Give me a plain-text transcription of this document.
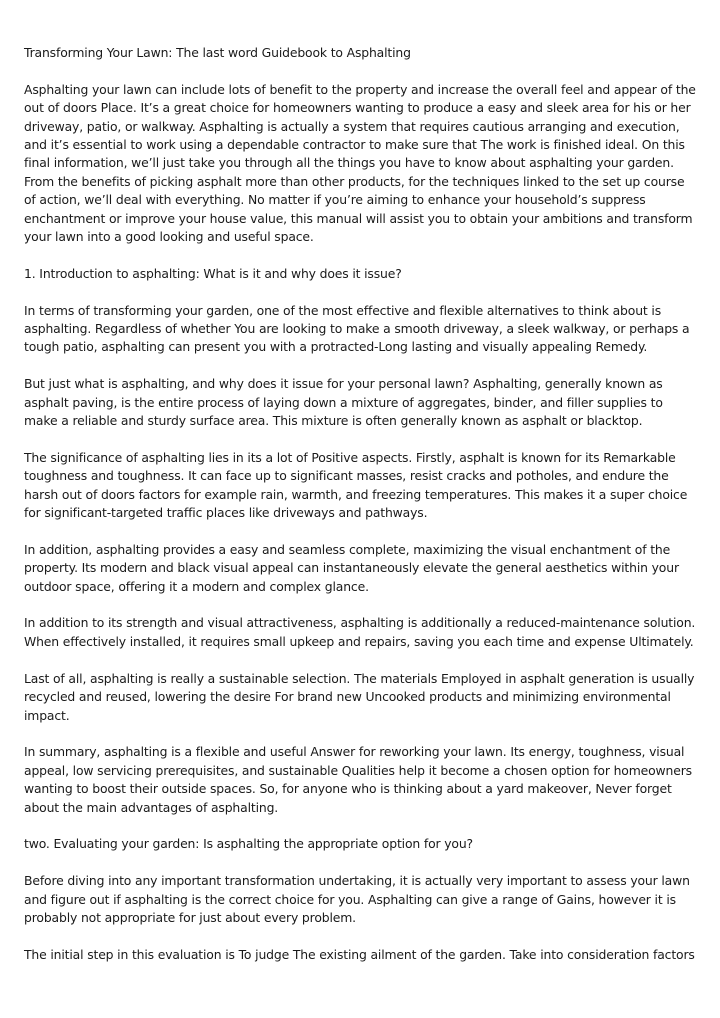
Transforming Your Lawn: The last word Guidebook to Asphalting

Asphalting your lawn can include lots of benefit to the property and increase the overall feel and appear of the out of doors Place. It’s a great choice for homeowners wanting to produce a easy and sleek area for his or her driveway, patio, or walkway. Asphalting is actually a system that requires cautious arranging and execution, and it’s essential to work using a dependable contractor to make sure that The work is finished ideal. On this final information, we’ll just take you through all the things you have to know about asphalting your garden. From the benefits of picking asphalt more than other products, for the techniques linked to the set up course of action, we’ll deal with everything. No matter if you’re aiming to enhance your household’s suppress enchantment or improve your house value, this manual will assist you to obtain your ambitions and transform your lawn into a good looking and useful space.

1. Introduction to asphalting: What is it and why does it issue?

In terms of transforming your garden, one of the most effective and flexible alternatives to think about is asphalting. Regardless of whether You are looking to make a smooth driveway, a sleek walkway, or perhaps a tough patio, asphalting can present you with a protracted-Long lasting and visually appealing Remedy.

But just what is asphalting, and why does it issue for your personal lawn? Asphalting, generally known as asphalt paving, is the entire process of laying down a mixture of aggregates, binder, and filler supplies to make a reliable and sturdy surface area. This mixture is often generally known as asphalt or blacktop.

The significance of asphalting lies in its a lot of Positive aspects. Firstly, asphalt is known for its Remarkable toughness and toughness. It can face up to significant masses, resist cracks and potholes, and endure the harsh out of doors factors for example rain, warmth, and freezing temperatures. This makes it a super choice for significant-targeted traffic places like driveways and pathways.

In addition, asphalting provides a easy and seamless complete, maximizing the visual enchantment of the property. Its modern and black visual appeal can instantaneously elevate the general aesthetics within your outdoor space, offering it a modern and complex glance.

In addition to its strength and visual attractiveness, asphalting is additionally a reduced-maintenance solution. When effectively installed, it requires small upkeep and repairs, saving you each time and expense Ultimately.

Last of all, asphalting is really a sustainable selection. The materials Employed in asphalt generation is usually recycled and reused, lowering the desire For brand new Uncooked products and minimizing environmental impact.

In summary, asphalting is a flexible and useful Answer for reworking your lawn. Its energy, toughness, visual appeal, low servicing prerequisites, and sustainable Qualities help it become a chosen option for homeowners wanting to boost their outside spaces. So, for anyone who is thinking about a yard makeover, Never forget about the main advantages of asphalting.

two. Evaluating your garden: Is asphalting the appropriate option for you?

Before diving into any important transformation undertaking, it is actually very important to assess your lawn and figure out if asphalting is the correct choice for you. Asphalting can give a range of Gains, however it is probably not appropriate for just about every problem.

The initial step in this evaluation is To judge The existing ailment of the garden. Take into consideration factors
